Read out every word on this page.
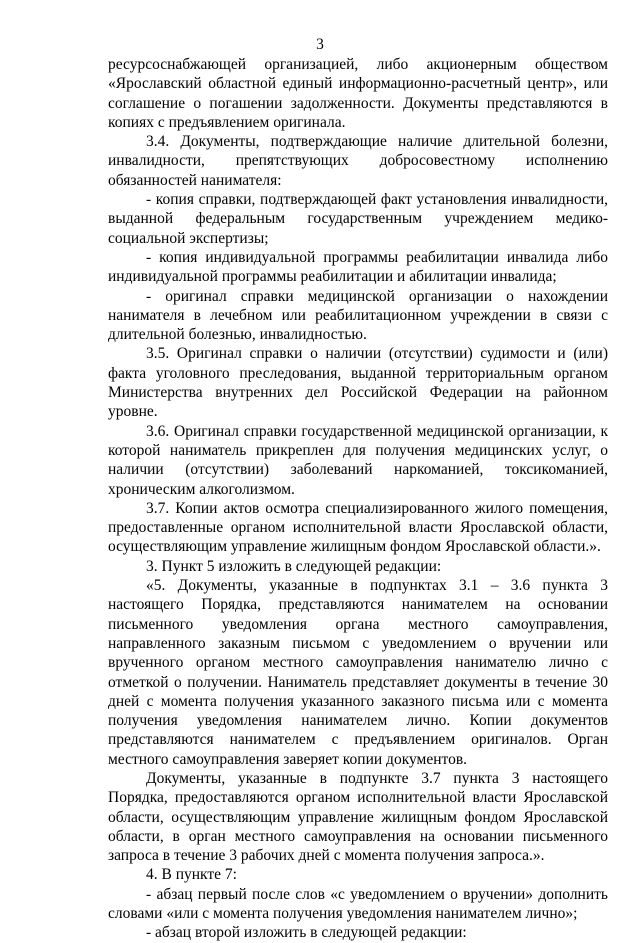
3

ресурсоснабжающей организацией, либо акционерным обществом «Ярославский областной единый информационно-расчетный центр», или соглашение о погашении задолженности. Документы представляются в копиях с предъявлением оригинала.

3.4. Документы, подтверждающие наличие длительной болезни, инвалидности, препятствующих добросовестному исполнению обязанностей нанимателя:

- копия справки, подтверждающей факт установления инвалидности, выданной федеральным государственным учреждением медико-социальной экспертизы;

- копия индивидуальной программы реабилитации инвалида либо индивидуальной программы реабилитации и абилитации инвалида;

- оригинал справки медицинской организации о нахождении нанимателя в лечебном или реабилитационном учреждении в связи с длительной болезнью, инвалидностью.

3.5. Оригинал справки о наличии (отсутствии) судимости и (или) факта уголовного преследования, выданной территориальным органом Министерства внутренних дел Российской Федерации на районном уровне.

3.6. Оригинал справки государственной медицинской организации, к которой наниматель прикреплен для получения медицинских услуг, о наличии (отсутствии) заболеваний наркоманией, токсикоманией, хроническим алкоголизмом.

3.7. Копии актов осмотра специализированного жилого помещения, предоставленные органом исполнительной власти Ярославской области, осуществляющим управление жилищным фондом Ярославской области.».

3. Пункт 5 изложить в следующей редакции:

«5. Документы, указанные в подпунктах 3.1 – 3.6 пункта 3 настоящего Порядка, представляются нанимателем на основании письменного уведомления органа местного самоуправления, направленного заказным письмом с уведомлением о вручении или врученного органом местного самоуправления нанимателю лично с отметкой о получении. Наниматель представляет документы в течение 30 дней с момента получения указанного заказного письма или с момента получения уведомления нанимателем лично. Копии документов представляются нанимателем с предъявлением оригиналов. Орган местного самоуправления заверяет копии документов.

Документы, указанные в подпункте 3.7 пункта 3 настоящего Порядка, предоставляются органом исполнительной власти Ярославской области, осуществляющим управление жилищным фондом Ярославской области, в орган местного самоуправления на основании письменного запроса в течение 3 рабочих дней с момента получения запроса.».

4. В пункте 7:

- абзац первый после слов «с уведомлением о вручении» дополнить словами «или с момента получения уведомления нанимателем лично»;

- абзац второй изложить в следующей редакции:
